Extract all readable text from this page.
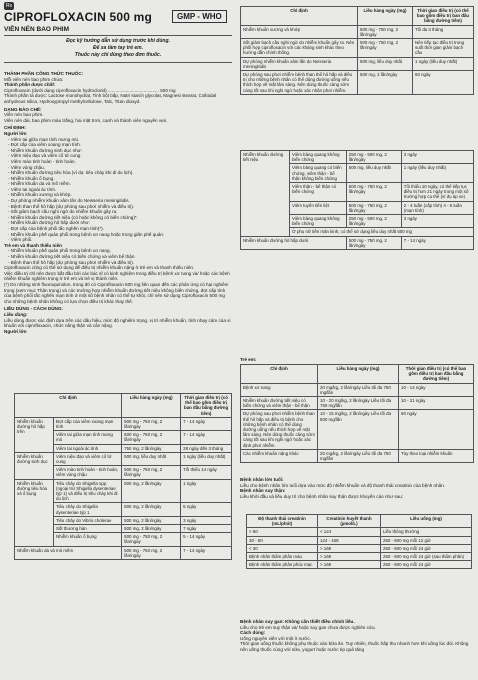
Rx
CIPROFLOXACIN 500 mg	GMP - WHO
VIÊN NÉN BAO PHIM
Đọc kỹ hướng dẫn sử dụng trước khi dùng.
Để xa tầm tay trẻ em.
Thuốc này chỉ dùng theo đơn thuốc.

THÀNH PHẦN CÔNG THỨC THUỐC:

Mỗi viên nén bao phim chứa:

Thành phần dược chất:

Ciprofloxacin (dưới dạng ciprofloxacin hydroclorid) ........................................ 500 mg

Thành phần tá dược: Lactose monohydrat, Tinh bột bắp, Natri starch glycolat, Magnesi stearat, Colloidal anhydrous silica, Hydroxypropyl methylcellulose, Talc, Titan dioxyd.

DẠNG BÀO CHẾ:

Viên nén bao phim.

Viên nén dài, bao phim màu trắng, hai mặt trơn, cạnh và thành viên nguyên vẹn.

CHỈ ĐỊNH:

Người lớn

- Viêm tai giữa mạn tính mưng mủ.

- Đợt cấp của viêm xoang mạn tính.

- Nhiễm khuẩn đường sinh dục như:

· Viêm niệu đạo và viêm cổ tử cung.

· Viêm mào tinh hoàn - tinh hoàn.

· Viêm vùng chậu.

- Nhiễm khuẩn đường tiêu hóa (ví dụ: tiêu chảy khi đi du lịch).

- Nhiễm khuẩn ổ bụng.

- Nhiễm khuẩn da và mô mềm.

- Viêm tai ngoài ác tính.

- Nhiễm khuẩn xương và khớp.

- Dự phòng nhiễm khuẩn xâm lấn do Neisseria meningitidis.

- Bệnh than thể hô hấp (dự phòng sau phơi nhiễm và điều trị).

- Sốt giảm bạch cầu nghi ngờ do nhiễm khuẩn gây ra.

- Nhiễm khuẩn đường tiết niệu (có hoặc không có biến chứng)*.

- Nhiễm khuẩn đường hô hấp dưới như:

· Đợt cấp của bệnh phổi tắc nghẽn mạn tính(*).

· Nhiễm khuẩn phế quản phổi trong bệnh xơ nang hoặc trong giãn phế quản.

· Viêm phổi.

Trẻ em và thanh thiếu niên

- Nhiễm khuẩn phế quản phổi trong bệnh xơ nang.

- Nhiễm khuẩn đường tiết niệu có biến chứng và viêm bể thận.

- Bệnh than thể hô hấp (dự phòng sau phơi nhiễm và điều trị).

Ciprofloxacin cũng có thể sử dụng để điều trị nhiễm khuẩn nặng ở trẻ em và thanh thiếu niên.

Việc điều trị chỉ nên được bắt đầu bởi các bác sĩ có kinh nghiệm trong điều trị bệnh xơ nang và/ hoặc các bệnh nhiễm khuẩn nghiêm trọng ở trẻ em và trẻ vị thành niên.

(*) Do những sinh fluoroquinolon, trong đó có Ciprofloxacin 500 mg liên quan đến các phản ứng có hại nghiêm trọng (xem mục Thận trọng) và các trường hợp nhiễm khuẩn đường tiết niệu không biến chứng, đợt cấp tính của bệnh phổi tắc nghẽn mạn tính ở một số bệnh nhân có thể tự khỏi, chỉ nên sử dụng Ciprofloxacin 500 mg cho những bệnh nhân không có lựa chọn điều trị khác thay thế.

LIỀU DÙNG - CÁCH DÙNG:

Liều dùng:

Liều dùng được xác định dựa trên các dấu hiệu, mức độ nghiêm trọng, vị trí nhiễm khuẩn, tính nhạy cảm của vi khuẩn với ciprofloxacin, chức năng thận và cân nặng.

Người lớn

Chỉ định		Liều hàng ngày (mg)	Thời gian điều trị (có thể bao gồm điều trị ban đầu bằng đường tiêm)
Nhiễm khuẩn đường hô hấp trên	Đợt cấp của viêm xoang mạn tính	500 mg - 750 mg, 2 lần/ngày	7 - 14 ngày
	Viêm tai giữa mạn tính mưng mủ	500 mg - 750 mg, 2 lần/ngày	7 - 14 ngày
	Viêm tai ngoài ác tính	750 mg, 2 lần/ngày	28 ngày đến 3 tháng
Nhiễm khuẩn đường sinh dục	Viêm niệu đạo và viêm cổ tử cung	500 mg, liều duy nhất	1 ngày (liều duy nhất)
	Viêm mào tinh hoàn - tinh hoàn, viêm vùng chậu	500 mg - 750 mg, 2 lần/ngày	Tối thiểu 14 ngày
Nhiễm khuẩn đường tiêu hóa và ổ bụng	Tiêu chảy do Shigella spp. (ngoại trừ Shigella dysenteriae týp 1) và điều trị tiêu chảy khi đi du lịch	500 mg, 2 lần/ngày	1 ngày
	Tiêu chảy do Shigella dysenteriae týp 1	500 mg, 2 lần/ngày	5 ngày
	Tiêu chảy do Vibrio cholerae	500 mg, 2 lần/ngày	3 ngày
	Sốt thương hàn	500 mg, 2 lần/ngày	7 ngày
	Nhiễm khuẩn ổ bụng	500 mg - 750 mg, 2 lần/ngày	5 - 14 ngày
Nhiễm khuẩn da và mô mềm		500 mg - 750 mg, 2 lần/ngày	7 - 14 ngày
Chỉ định	Liều hàng ngày (mg)	Thời gian điều trị (có thể bao gồm điều trị ban đầu bằng đường tiêm)
Nhiễm khuẩn xương và khớp	500 mg - 750 mg, 2 lần/ngày	Tối đa 3 tháng
Sốt giảm bạch cầu nghi ngờ do nhiễm khuẩn gây ra. Nên phối hợp ciprofloxacin với các kháng sinh khác theo hướng dẫn chính thống.	500 mg - 750 mg, 2 lần/ngày	Nên tiếp tục điều trị trong suốt thời gian giảm bạch cầu
Dự phòng nhiễm khuẩn xâm lấn do Neisseria meningitidis	500 mg, liều duy nhất	1 ngày (liều duy nhất)
Dự phòng sau phơi nhiễm bệnh than thể hô hấp và điều trị cho những bệnh nhân có thể dùng đường uống nếu thích hợp về mặt lâm sàng. Nên dùng thuốc càng sớm càng tốt sau khi nghi ngờ hoặc xác nhận phơi nhiễm.	500 mg, 2 lần/ngày	60 ngày
Nhiễm khuẩn đường tiết niệu	Viêm bàng quang không biến chứng	250 mg - 500 mg, 2 lần/ngày	3 ngày
	Viêm bàng quang có biến chứng, viêm thận - bể thận không biến chứng	500 mg, liều duy nhất	1 ngày (liều duy nhất)
	Viêm thận - bể thận có biến chứng	500 mg - 750 mg, 2 lần/ngày	Tối thiểu 10 ngày, có thể tiếp tục điều trị hơn 21 ngày trong một số trường hợp cụ thể (ví dụ áp xe)
	Viêm tuyến tiền liệt	500 mg - 750 mg, 2 lần/ngày	2 - 4 tuần (cấp tính) 4 - 6 tuần (mạn tính)
	Viêm bàng quang không biến chứng	250 mg - 500 mg, 2 lần/ngày	3 ngày
	Ở phụ nữ tiền mãn kinh, có thể sử dụng liều duy nhất 500 mg		
Nhiễm khuẩn đường hô hấp dưới		500 mg - 750 mg, 2 lần/ngày	7 - 14 ngày
Trẻ em:
Chỉ định	Liều hàng ngày (mg)	Thời gian điều trị (có thể bao gồm điều trị ban đầu bằng đường tiêm)
Bệnh xơ nang	20 mg/kg, 2 lần/ngày Liều tối đa 750 mg/lần	10 - 14 ngày
Nhiễm khuẩn đường tiết niệu có biến chứng và viêm thận - bể thận	10 - 20 mg/kg, 2 lần/ngày Liều tối đa 750 mg/lần	10 - 21 ngày
Dự phòng sau phơi nhiễm bệnh than thể hô hấp và điều trị bệnh cho những bệnh nhân có thể dùng đường uống nếu thích hợp về mặt lâm sàng. Nên dùng thuốc càng sớm càng tốt sau khi nghi ngờ hoặc xác định phơi nhiễm.	10 - 15 mg/kg, 2 lần/ngày Liều tối đa 500 mg/lần	60 ngày
Các nhiễm khuẩn nặng khác	20 mg/kg, 2 lần/ngày Liều tối đa 750 mg/lần	Tùy theo loại nhiễm khuẩn
Bệnh nhân lớn tuổi:
Liều cho bệnh nhân lớn tuổi dựa vào mức độ nhiễm khuẩn và độ thanh thải creatinin của bệnh nhân.
Bệnh nhân suy thận:
Liều khởi đầu và liều duy trì cho bệnh nhân suy thận được khuyến cáo như sau:
Độ thanh thải creatinin (mL/phút)	Creatinin huyết thanh (µmol/L)	Liều uống (mg)
> 60	< 124	Liều thông thường
30 - 60	124 - 168	250 - 500 mg mỗi 12 giờ
< 30	> 169	250 - 500 mg mỗi 24 giờ
Bệnh nhân thẩm phân máu	> 169	250 - 500 mg mỗi 24 giờ (sau thẩm phân)
Bệnh nhân thẩm phân phúc mạc	> 169	250 - 500 mg mỗi 24 giờ
Bệnh nhân suy gan: Không cần thiết điều chỉnh liều.
Liều cho trẻ em suy thận và/ hoặc suy gan chưa được nghiên cứu.
Cách dùng:
Uống nguyên viên với một ít nước.
Thời gian uống thuốc không phụ thuộc vào bữa ăn. Tuy nhiên, thuốc hấp thu nhanh hơn khi uống lúc đói. Không nên uống thuốc cùng với sữa, yogurt hoặc nước ép quả tăng
